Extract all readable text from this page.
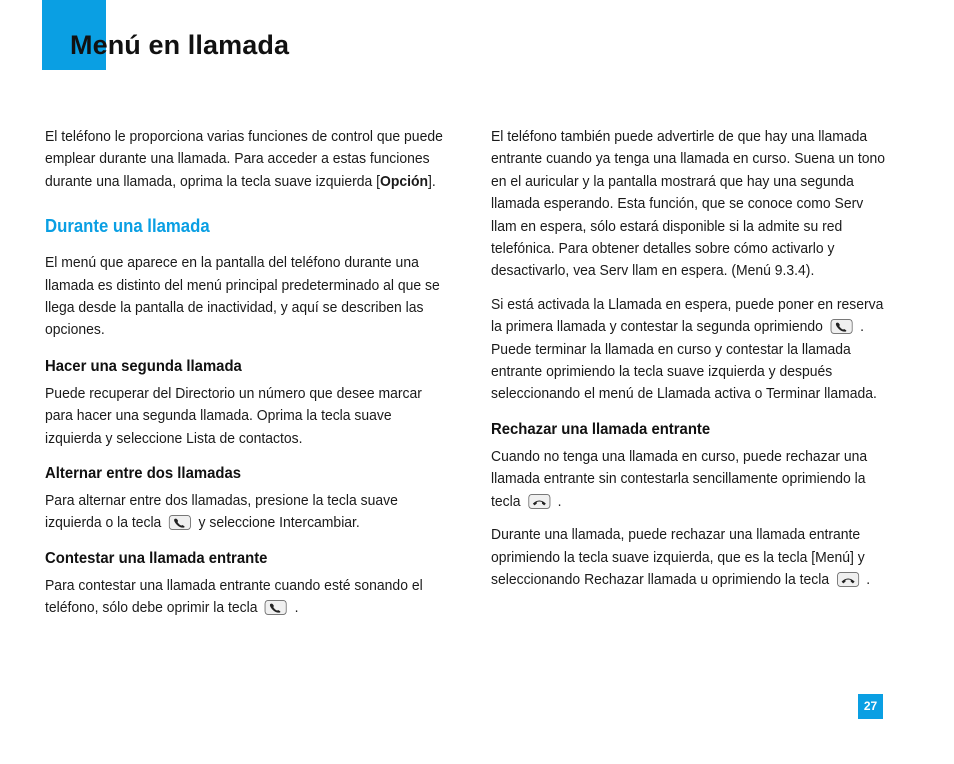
Menú en llamada

El teléfono le proporciona varias funciones de control que puede emplear durante una llamada. Para acceder a estas funciones durante una llamada, oprima la tecla suave izquierda [Opción].

Durante una llamada

El menú que aparece en la pantalla del teléfono durante una llamada es distinto del menú principal predeterminado al que se llega desde la pantalla de inactividad, y aquí se describen las opciones.

Hacer una segunda llamada

Puede recuperar del Directorio un número que desee marcar para hacer una segunda llamada. Oprima la tecla suave izquierda y seleccione Lista de contactos.

Alternar entre dos llamadas

Para alternar entre dos llamadas, presione la tecla suave izquierda o la tecla y seleccione Intercambiar.

Contestar una llamada entrante

Para contestar una llamada entrante cuando esté sonando el teléfono, sólo debe oprimir la tecla .

El teléfono también puede advertirle de que hay una llamada entrante cuando ya tenga una llamada en curso. Suena un tono en el auricular y la pantalla mostrará que hay una segunda llamada esperando. Esta función, que se conoce como Serv llam en espera, sólo estará disponible si la admite su red telefónica. Para obtener detalles sobre cómo activarlo y desactivarlo, vea Serv llam en espera. (Menú 9.3.4).

Si está activada la Llamada en espera, puede poner en reserva la primera llamada y contestar la segunda oprimiendo . Puede terminar la llamada en curso y contestar la llamada entrante oprimiendo la tecla suave izquierda y después seleccionando el menú de Llamada activa o Terminar llamada.

Rechazar una llamada entrante

Cuando no tenga una llamada en curso, puede rechazar una llamada entrante sin contestarla sencillamente oprimiendo la tecla .

Durante una llamada, puede rechazar una llamada entrante oprimiendo la tecla suave izquierda, que es la tecla [Menú] y seleccionando Rechazar llamada u oprimiendo la tecla .

27
